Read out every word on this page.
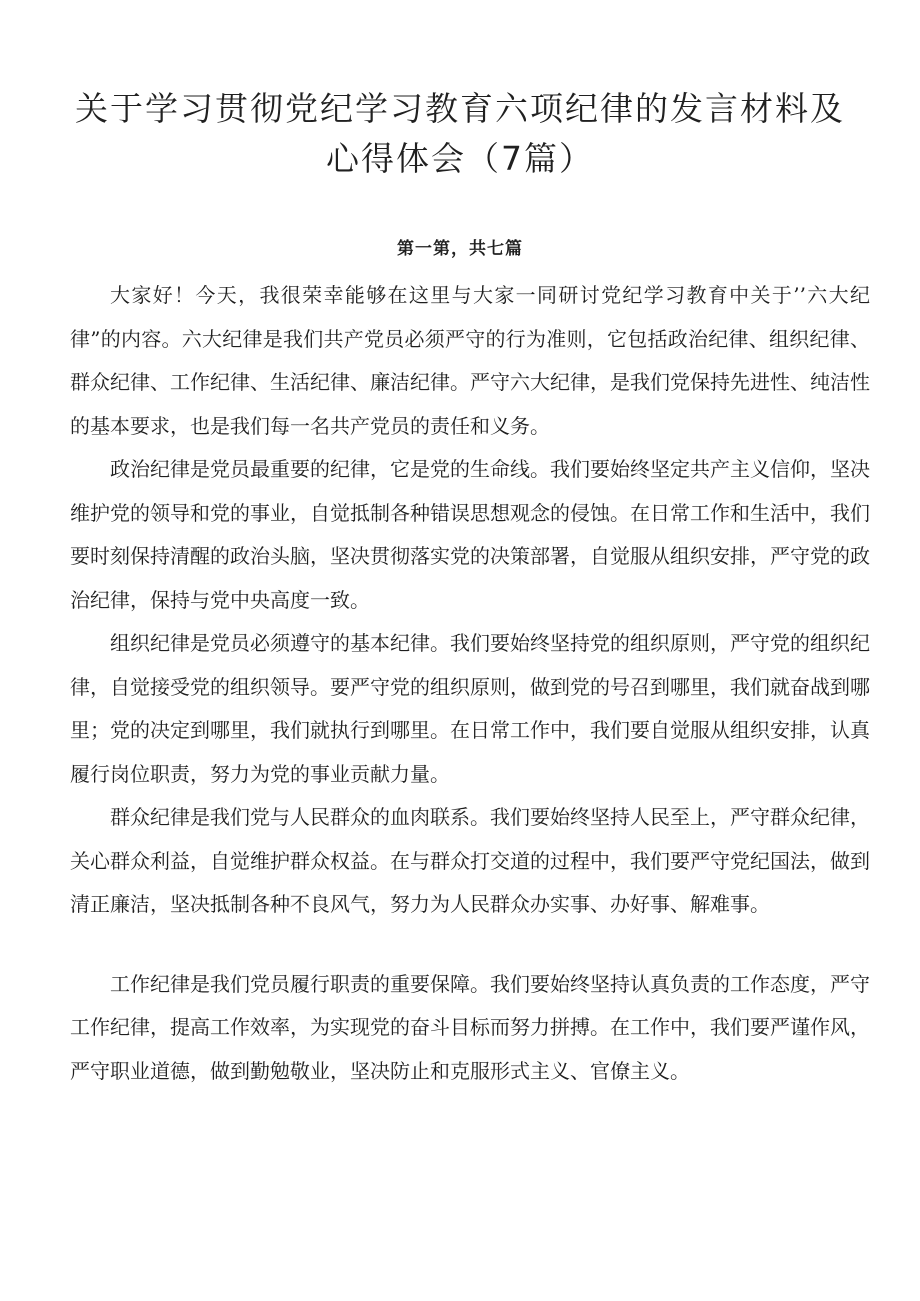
关于学习贯彻党纪学习教育六项纪律的发言材料及心得体会（7篇）
第一第，共七篇

大家好！今天，我很荣幸能够在这里与大家一同研讨党纪学习教育中关于’’六大纪律”的内容。六大纪律是我们共产党员必须严守的行为准则，它包括政治纪律、组织纪律、群众纪律、工作纪律、生活纪律、廉洁纪律。严守六大纪律，是我们党保持先进性、纯洁性的基本要求，也是我们每一名共产党员的责任和义务。

政治纪律是党员最重要的纪律，它是党的生命线。我们要始终坚定共产主义信仰，坚决维护党的领导和党的事业，自觉抵制各种错误思想观念的侵蚀。在日常工作和生活中，我们要时刻保持清醒的政治头脑，坚决贯彻落实党的决策部署，自觉服从组织安排，严守党的政治纪律，保持与党中央高度一致。

组织纪律是党员必须遵守的基本纪律。我们要始终坚持党的组织原则，严守党的组织纪律，自觉接受党的组织领导。要严守党的组织原则，做到党的号召到哪里，我们就奋战到哪里；党的决定到哪里，我们就执行到哪里。在日常工作中，我们要自觉服从组织安排，认真履行岗位职责，努力为党的事业贡献力量。

群众纪律是我们党与人民群众的血肉联系。我们要始终坚持人民至上，严守群众纪律，关心群众利益，自觉维护群众权益。在与群众打交道的过程中，我们要严守党纪国法，做到清正廉洁，坚决抵制各种不良风气，努力为人民群众办实事、办好事、解难事。

工作纪律是我们党员履行职责的重要保障。我们要始终坚持认真负责的工作态度，严守工作纪律，提高工作效率，为实现党的奋斗目标而努力拼搏。在工作中，我们要严谨作风，严守职业道德，做到勤勉敬业，坚决防止和克服形式主义、官僚主义。
